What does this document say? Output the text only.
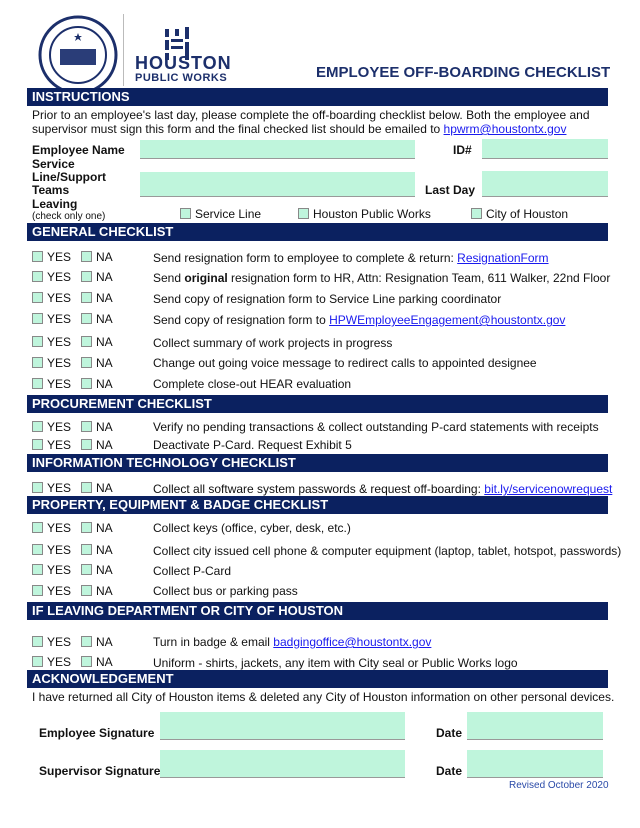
HOUSTON
PUBLIC WORKS	EMPLOYEE OFF-BOARDING CHECKLIST
INSTRUCTIONS
Prior to an employee's last day, please complete the off-boarding checklist below. Both the employee and supervisor must sign this form and the final checked list should be emailed to hpwrm@houstontx.gov
Employee Name	ID#
Service Line/Support Teams	Last Day
Leaving
(check only one)	Service Line	Houston Public Works	City of Houston
GENERAL CHECKLIST
YES NA	Send resignation form to employee to complete & return: ResignationForm
YES NA	Send original resignation form to HR, Attn: Resignation Team, 611 Walker, 22nd Floor
YES NA	Send copy of resignation form to Service Line parking coordinator
YES NA	Send copy of resignation form to HPWEmployeeEngagement@houstontx.gov
YES NA	Collect summary of work projects in progress
YES NA	Change out going voice message to redirect calls to appointed designee
YES NA	Complete close-out HEAR evaluation
PROCUREMENT CHECKLIST
YES NA	Verify no pending transactions & collect outstanding P-card statements with receipts
YES NA	Deactivate P-Card. Request Exhibit 5
INFORMATION TECHNOLOGY CHECKLIST
YES NA	Collect all software system passwords & request off-boarding: bit.ly/servicenowrequest
PROPERTY, EQUIPMENT & BADGE CHECKLIST
YES NA	Collect keys (office, cyber, desk, etc.)
YES NA	Collect city issued cell phone & computer equipment (laptop, tablet, hotspot, passwords)
YES NA	Collect P-Card
YES NA	Collect bus or parking pass
IF LEAVING DEPARTMENT OR CITY OF HOUSTON
YES NA	Turn in badge & email badgingoffice@houstontx.gov
YES NA	Uniform - shirts, jackets, any item with City seal or Public Works logo
ACKNOWLEDGEMENT
I have returned all City of Houston items & deleted any City of Houston information on other personal devices.
Employee Signature	Date
Supervisor Signature	Date
Revised October 2020
